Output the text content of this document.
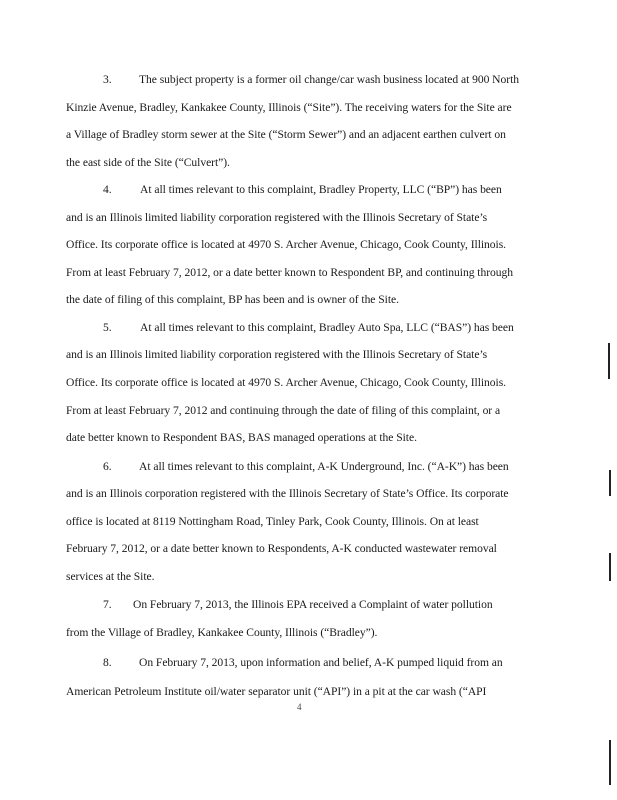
3. The subject property is a former oil change/car wash business located at 900 North
Kinzie Avenue, Bradley, Kankakee County, Illinois (“Site”). The receiving waters for the Site are
a Village of Bradley storm sewer at the Site (“Storm Sewer”) and an adjacent earthen culvert on
the east side of the Site (“Culvert”).
4. At all times relevant to this complaint, Bradley Property, LLC (“BP”) has been
and is an Illinois limited liability corporation registered with the Illinois Secretary of State’s
Office. Its corporate office is located at 4970 S. Archer Avenue, Chicago, Cook County, Illinois.
From at least February 7, 2012, or a date better known to Respondent BP, and continuing through
the date of filing of this complaint, BP has been and is owner of the Site.
5. At all times relevant to this complaint, Bradley Auto Spa, LLC (“BAS”) has been
and is an Illinois limited liability corporation registered with the Illinois Secretary of State’s
Office. Its corporate office is located at 4970 S. Archer Avenue, Chicago, Cook County, Illinois.
From at least February 7, 2012 and continuing through the date of filing of this complaint, or a
date better known to Respondent BAS, BAS managed operations at the Site.
6. At all times relevant to this complaint, A-K Underground, Inc. (“A-K”) has been
and is an Illinois corporation registered with the Illinois Secretary of State’s Office. Its corporate
office is located at 8119 Nottingham Road, Tinley Park, Cook County, Illinois. On at least
February 7, 2012, or a date better known to Respondents, A-K conducted wastewater removal
services at the Site.
7. On February 7, 2013, the Illinois EPA received a Complaint of water pollution
from the Village of Bradley, Kankakee County, Illinois (“Bradley”).
8. On February 7, 2013, upon information and belief, A-K pumped liquid from an
American Petroleum Institute oil/water separator unit (“API”) in a pit at the car wash (“API
4
